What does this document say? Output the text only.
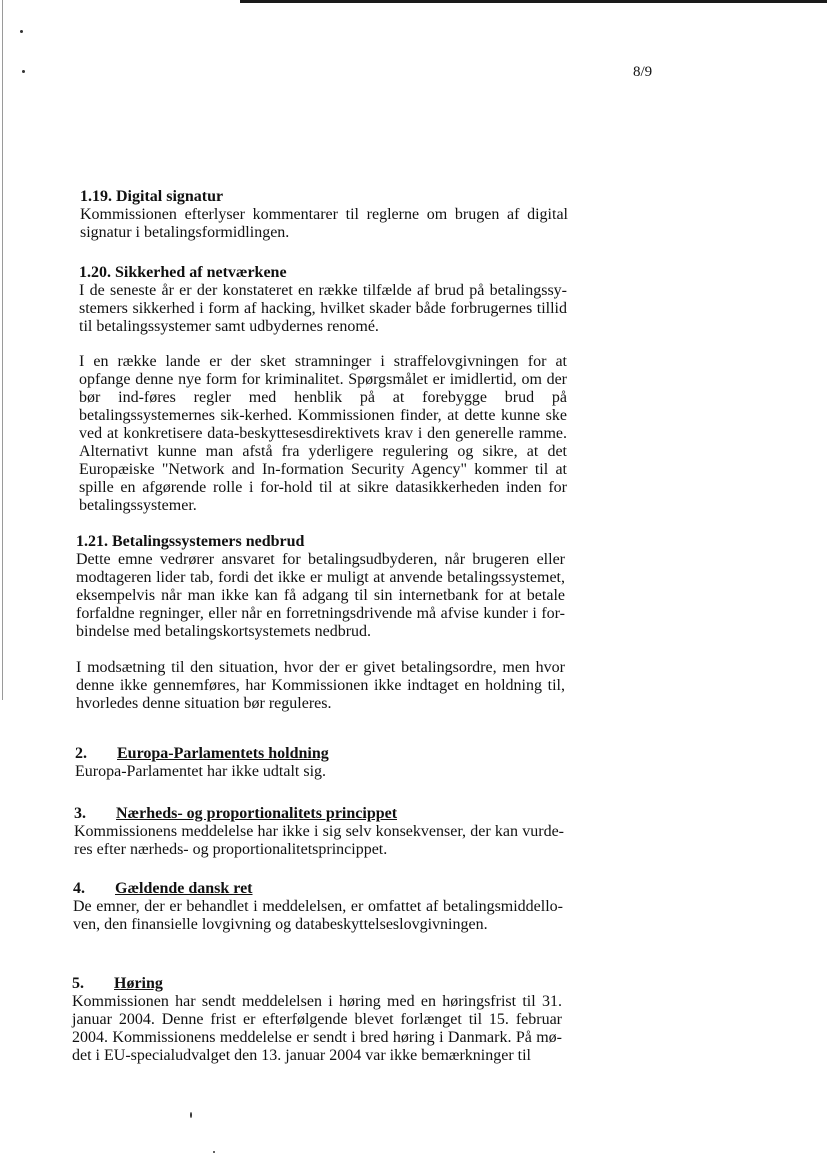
8/9
1.19. Digital signatur

Kommissionen efterlyser kommentarer til reglerne om brugen af digital signatur i betalingsformidlingen.

1.20. Sikkerhed af netværkene

I de seneste år er der konstateret en række tilfælde af brud på betalingssy-stemers sikkerhed i form af hacking, hvilket skader både forbrugernes tillid til betalingssystemer samt udbydernes renomé.

I en række lande er der sket stramninger i straffelovgivningen for at opfange denne nye form for kriminalitet. Spørgsmålet er imidlertid, om der bør ind-føres regler med henblik på at forebygge brud på betalingssystemernes sik-kerhed. Kommissionen finder, at dette kunne ske ved at konkretisere data-beskyttesesdirektivets krav i den generelle ramme. Alternativt kunne man afstå fra yderligere regulering og sikre, at det Europæiske "Network and In-formation Security Agency" kommer til at spille en afgørende rolle i for-hold til at sikre datasikkerheden inden for betalingssystemer.

1.21. Betalingssystemers nedbrud

Dette emne vedrører ansvaret for betalingsudbyderen, når brugeren eller modtageren lider tab, fordi det ikke er muligt at anvende betalingssystemet, eksempelvis når man ikke kan få adgang til sin internetbank for at betale forfaldne regninger, eller når en forretningsdrivende må afvise kunder i for-bindelse med betalingskortsystemets nedbrud.

I modsætning til den situation, hvor der er givet betalingsordre, men hvor denne ikke gennemføres, har Kommissionen ikke indtaget en holdning til, hvorledes denne situation bør reguleres.

2. Europa-Parlamentets holdning

Europa-Parlamentet har ikke udtalt sig.

3. Nærheds- og proportionalitets princippet

Kommissionens meddelelse har ikke i sig selv konsekvenser, der kan vurde-res efter nærheds- og proportionalitetsprincippet.

4. Gældende dansk ret

De emner, der er behandlet i meddelelsen, er omfattet af betalingsmiddello-ven, den finansielle lovgivning og databeskyttelseslovgivningen.

5. Høring

Kommissionen har sendt meddelelsen i høring med en høringsfrist til 31. januar 2004. Denne frist er efterfølgende blevet forlænget til 15. februar 2004. Kommissionens meddelelse er sendt i bred høring i Danmark. På mø-det i EU-specialudvalget den 13. januar 2004 var ikke bemærkninger til
